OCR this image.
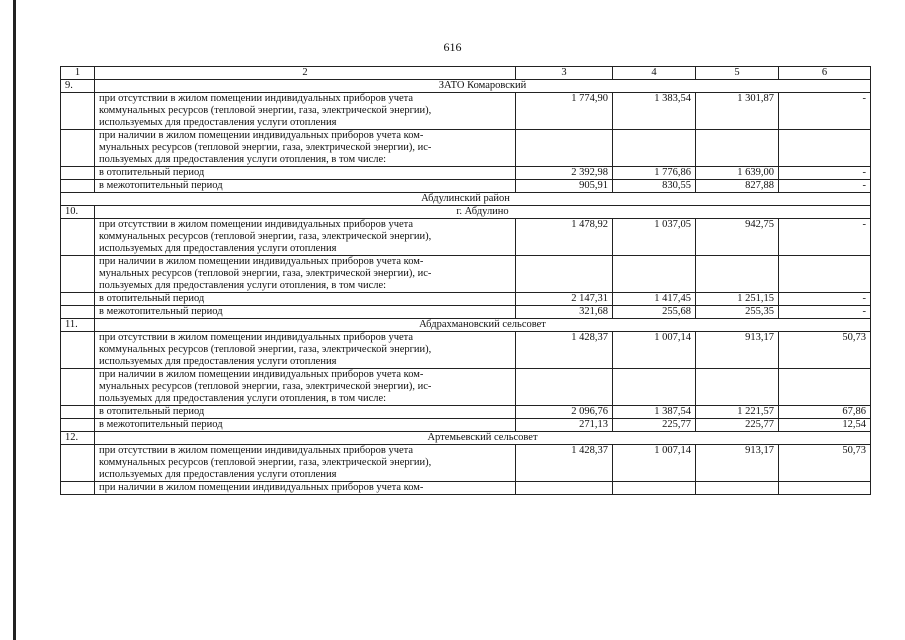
616
1	2	3	4	5	6
9.	ЗАТО Комаровский				

	при отсутствии в жилом помещении индивидуальных приборов учета
коммунальных ресурсов (тепловой энергии, газа, электрической энергии),
используемых для предоставления услуги отопления	1 774,90	1 383,54	1 301,87	-

	при наличии в жилом помещении индивидуальных приборов учета ком-
мунальных ресурсов (тепловой энергии, газа, электрической энергии), ис-
пользуемых для предоставления услуги отопления, в том числе:				

	в отопительный период	2 392,98	1 776,86	1 639,00	-
	в межотопительный период	905,91	830,55	827,88	-
Абдулинский район					
10.	г. Абдулино				

	при отсутствии в жилом помещении индивидуальных приборов учета
коммунальных ресурсов (тепловой энергии, газа, электрической энергии),
используемых для предоставления услуги отопления	1 478,92	1 037,05	942,75	-

	при наличии в жилом помещении индивидуальных приборов учета ком-
мунальных ресурсов (тепловой энергии, газа, электрической энергии), ис-
пользуемых для предоставления услуги отопления, в том числе:				

	в отопительный период	2 147,31	1 417,45	1 251,15	-
	в межотопительный период	321,68	255,68	255,35	-
11.	Абдрахмановский сельсовет				

	при отсутствии в жилом помещении индивидуальных приборов учета
коммунальных ресурсов (тепловой энергии, газа, электрической энергии),
используемых для предоставления услуги отопления	1 428,37	1 007,14	913,17	50,73

	при наличии в жилом помещении индивидуальных приборов учета ком-
мунальных ресурсов (тепловой энергии, газа, электрической энергии), ис-
пользуемых для предоставления услуги отопления, в том числе:				

	в отопительный период	2 096,76	1 387,54	1 221,57	67,86
	в межотопительный период	271,13	225,77	225,77	12,54
12.	Артемьевский сельсовет				

	при отсутствии в жилом помещении индивидуальных приборов учета
коммунальных ресурсов (тепловой энергии, газа, электрической энергии),
используемых для предоставления услуги отопления	1 428,37	1 007,14	913,17	50,73
	при наличии в жилом помещении индивидуальных приборов учета ком-				
